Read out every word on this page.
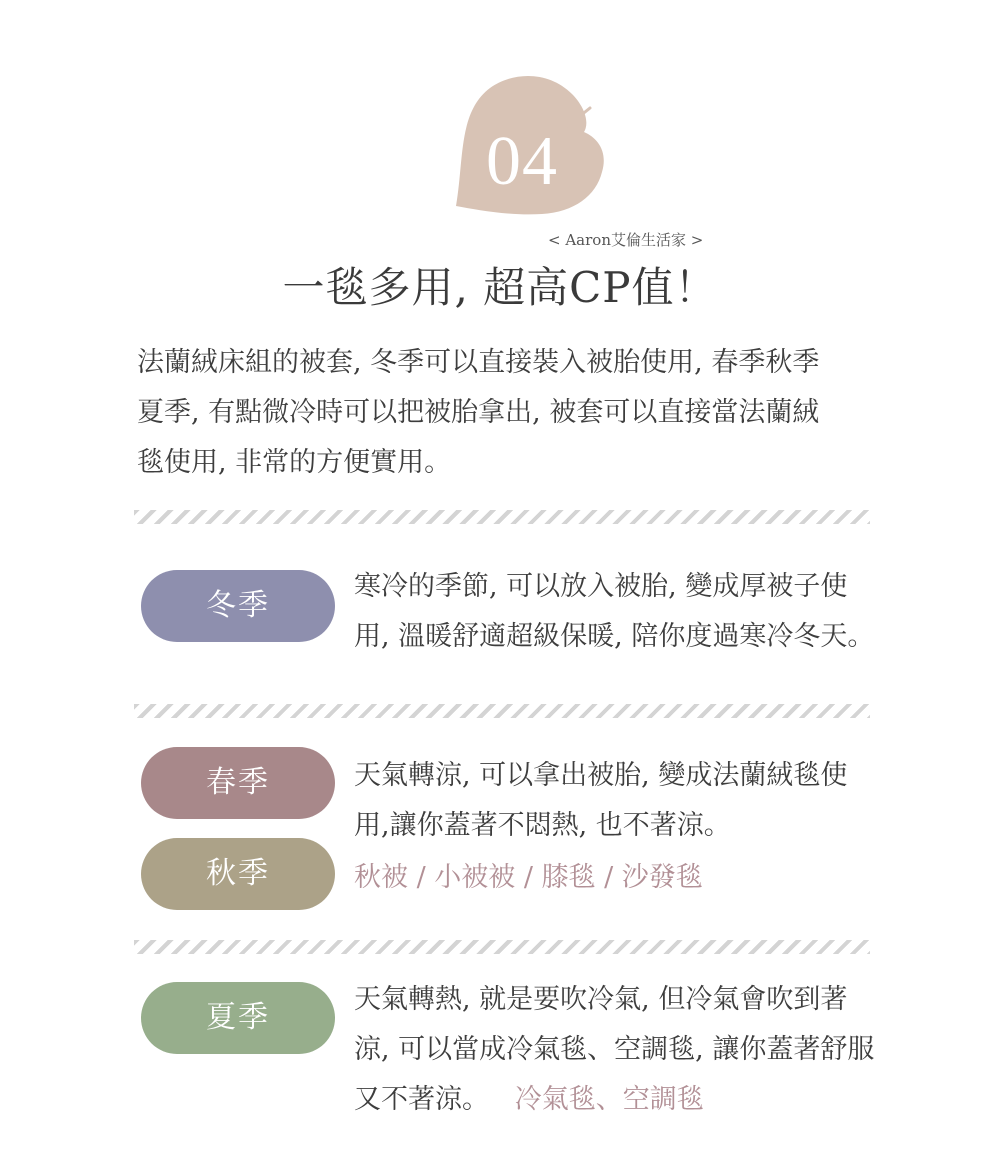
04
< Aaron艾倫生活家 >
一毯多用, 超高CP值！
法蘭絨床組的被套, 冬季可以直接裝入被胎使用, 春季秋季
夏季, 有點微冷時可以把被胎拿出, 被套可以直接當法蘭絨
毯使用, 非常的方便實用。
冬季
寒冷的季節, 可以放入被胎, 變成厚被子使
用, 溫暖舒適超級保暖, 陪你度過寒冷冬天。
春季
秋季
天氣轉涼, 可以拿出被胎, 變成法蘭絨毯使
用,讓你蓋著不悶熱, 也不著涼。
秋被 / 小被被 / 膝毯 / 沙發毯
夏季
天氣轉熱, 就是要吹冷氣, 但冷氣會吹到著
涼, 可以當成冷氣毯、空調毯, 讓你蓋著舒服
又不著涼。 冷氣毯、空調毯
